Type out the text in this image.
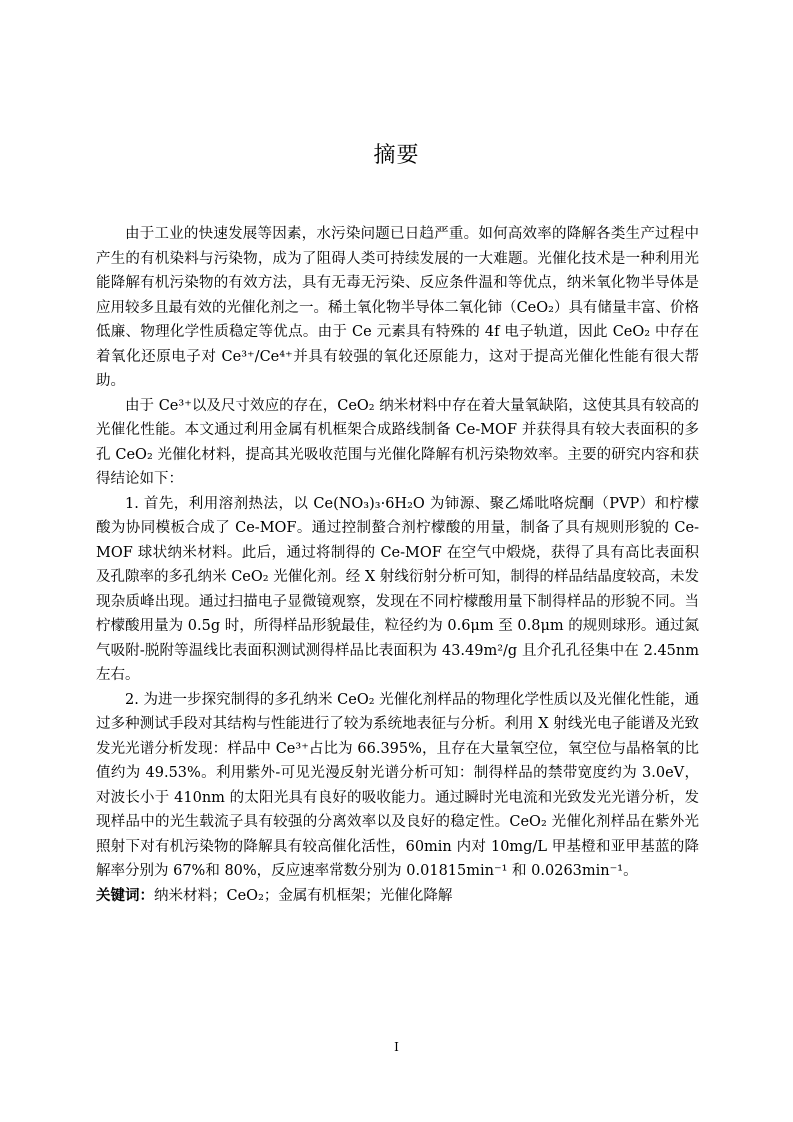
摘要

由于工业的快速发展等因素，水污染问题已日趋严重。如何高效率的降解各类生产过程中产生的有机染料与污染物，成为了阻碍人类可持续发展的一大难题。光催化技术是一种利用光能降解有机污染物的有效方法，具有无毒无污染、反应条件温和等优点，纳米氧化物半导体是应用较多且最有效的光催化剂之一。稀土氧化物半导体二氧化铈（CeO₂）具有储量丰富、价格低廉、物理化学性质稳定等优点。由于 Ce 元素具有特殊的 4f 电子轨道，因此 CeO₂ 中存在着氧化还原电子对 Ce³⁺/Ce⁴⁺并具有较强的氧化还原能力，这对于提高光催化性能有很大帮助。

由于 Ce³⁺以及尺寸效应的存在，CeO₂ 纳米材料中存在着大量氧缺陷，这使其具有较高的光催化性能。本文通过利用金属有机框架合成路线制备 Ce-MOF 并获得具有较大表面积的多孔 CeO₂ 光催化材料，提高其光吸收范围与光催化降解有机污染物效率。主要的研究内容和获得结论如下：

1. 首先，利用溶剂热法，以 Ce(NO₃)₃·6H₂O 为铈源、聚乙烯吡咯烷酮（PVP）和柠檬酸为协同模板合成了 Ce-MOF。通过控制螯合剂柠檬酸的用量，制备了具有规则形貌的 Ce-MOF 球状纳米材料。此后，通过将制得的 Ce-MOF 在空气中煅烧，获得了具有高比表面积及孔隙率的多孔纳米 CeO₂ 光催化剂。经 X 射线衍射分析可知，制得的样品结晶度较高，未发现杂质峰出现。通过扫描电子显微镜观察，发现在不同柠檬酸用量下制得样品的形貌不同。当柠檬酸用量为 0.5g 时，所得样品形貌最佳，粒径约为 0.6μm 至 0.8μm 的规则球形。通过氮气吸附-脱附等温线比表面积测试测得样品比表面积为 43.49m²/g 且介孔孔径集中在 2.45nm 左右。

2. 为进一步探究制得的多孔纳米 CeO₂ 光催化剂样品的物理化学性质以及光催化性能，通过多种测试手段对其结构与性能进行了较为系统地表征与分析。利用 X 射线光电子能谱及光致发光光谱分析发现：样品中 Ce³⁺占比为 66.395%，且存在大量氧空位，氧空位与晶格氧的比值约为 49.53%。利用紫外-可见光漫反射光谱分析可知：制得样品的禁带宽度约为 3.0eV，对波长小于 410nm 的太阳光具有良好的吸收能力。通过瞬时光电流和光致发光光谱分析，发现样品中的光生载流子具有较强的分离效率以及良好的稳定性。CeO₂ 光催化剂样品在紫外光照射下对有机污染物的降解具有较高催化活性，60min 内对 10mg/L 甲基橙和亚甲基蓝的降解率分别为 67%和 80%，反应速率常数分别为 0.01815min⁻¹ 和 0.0263min⁻¹。

关键词：纳米材料；CeO₂；金属有机框架；光催化降解

I
